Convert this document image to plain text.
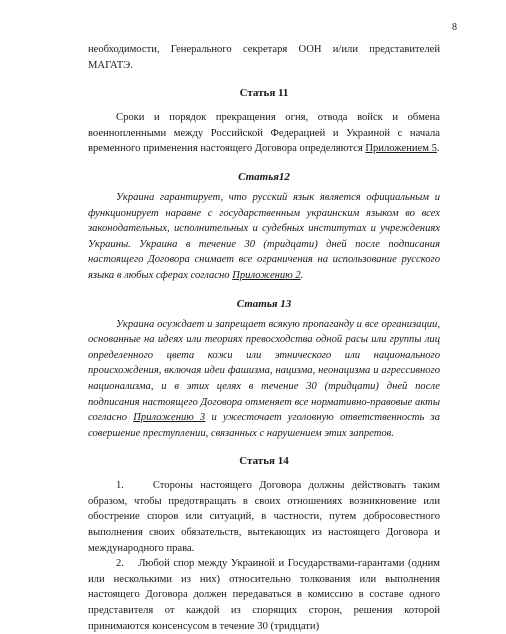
8

необходимости, Генерального секретаря ООН и/или представителей МАГАТЭ.

Статья 11

Сроки и порядок прекращения огня, отвода войск и обмена военнопленными между Российской Федерацией и Украиной с начала временного применения настоящего Договора определяются Приложением 5.

Статья12

Украина гарантирует, что русский язык является официальным и функционирует наравне с государственным украинским языком во всех законодательных, исполнительных и судебных институтах и учреждениях Украины. Украина в течение 30 (тридцати) дней после подписания настоящего Договора снимает все ограничения на использование русского языка в любых сферах согласно Приложению 2.

Статья 13

Украина осуждает и запрещает всякую пропаганду и все организации, основанные на идеях или теориях превосходства одной расы или группы лиц определенного цвета кожи или этнического или национального происхождения, включая идеи фашизма, нацизма, неонацизма и агрессивного национализма, и в этих целях в течение 30 (тридцати) дней после подписания настоящего Договора отменяет все нормативно-правовые акты согласно Приложению 3 и ужесточает уголовную ответственность за совершение преступлении, связанных с нарушением этих запретов.

Статья 14

1.	Стороны настоящего Договора должны действовать таким образом, чтобы предотвращать в своих отношениях возникновение или обострение споров или ситуаций, в частности, путем добросовестного выполнения своих обязательств, вытекающих из настоящего Договора и международного права.

2. Любой спор между Украиной и Государствами-гарантами (одним или несколькими из них) относительно толкования или выполнения настоящего Договора должен передаваться в комиссию в составе одного представителя от каждой из спорящих сторон, решения которой принимаются консенсусом в течение 30 (тридцати)
